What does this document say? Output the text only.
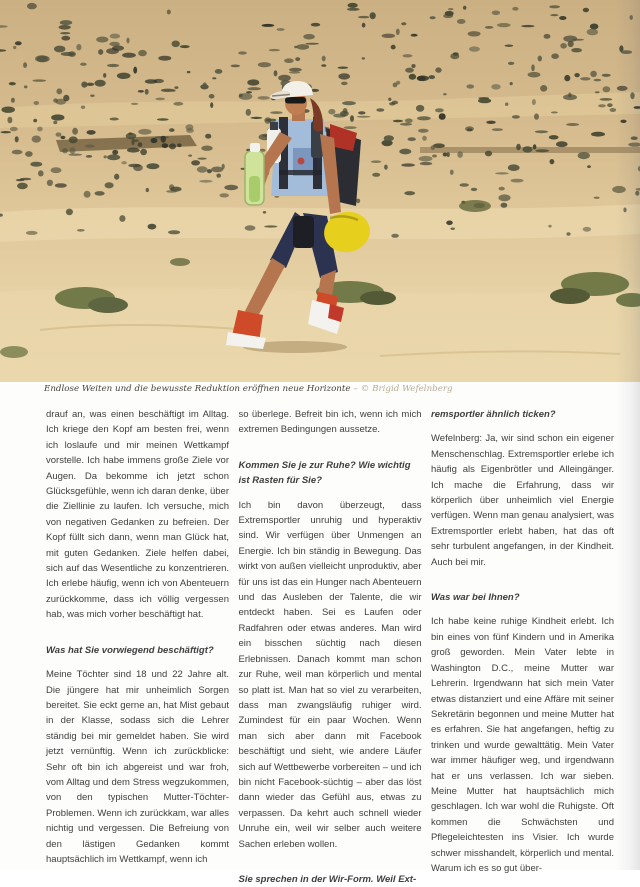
Endlose Weiten und die bewusste Reduktion eröffnen neue Horizonte – © Brigid Wefelnberg

drauf an, was einen beschäftigt im Alltag. Ich kriege den Kopf am besten frei, wenn ich loslaufe und mir meinen Wettkampf vorstelle. Ich habe immens große Ziele vor Augen. Da bekomme ich jetzt schon Glücksgefühle, wenn ich daran denke, über die Ziellinie zu laufen. Ich versuche, mich von negativen Gedanken zu befreien. Der Kopf füllt sich dann, wenn man Glück hat, mit guten Gedanken. Ziele helfen dabei, sich auf das Wesentliche zu konzentrieren. Ich erlebe häufig, wenn ich von Abenteuern zurückkomme, dass ich völlig vergessen hab, was mich vorher beschäftigt hat.

Was hat Sie vorwiegend beschäftigt?

Meine Töchter sind 18 und 22 Jahre alt. Die jüngere hat mir unheimlich Sorgen bereitet. Sie eckt gerne an, hat Mist gebaut in der Klasse, sodass sich die Lehrer ständig bei mir gemeldet haben. Sie wird jetzt vernünftig. Wenn ich zurückblicke: Sehr oft bin ich abgereist und war froh, vom Alltag und dem Stress wegzukommen, von den typischen Mutter-Töchter-Problemen. Wenn ich zurückkam, war alles nichtig und vergessen. Die Befreiung von den lästigen Gedanken kommt hauptsächlich im Wettkampf, wenn ich

so überlege. Befreit bin ich, wenn ich mich extremen Bedingungen aussetze.

Kommen Sie je zur Ruhe? Wie wichtig ist Rasten für Sie?

Ich bin davon überzeugt, dass Extremsportler unruhig und hyperaktiv sind. Wir verfügen über Unmengen an Energie. Ich bin ständig in Bewegung. Das wirkt von außen vielleicht unproduktiv, aber für uns ist das ein Hunger nach Abenteuern und das Ausleben der Talente, die wir entdeckt haben. Sei es Laufen oder Radfahren oder etwas anderes. Man wird ein bisschen süchtig nach diesen Erlebnissen. Danach kommt man schon zur Ruhe, weil man körperlich und mental so platt ist. Man hat so viel zu verarbeiten, dass man zwangsläufig ruhiger wird. Zumindest für ein paar Wochen. Wenn man sich aber dann mit Facebook beschäftigt und sieht, wie andere Läufer sich auf Wettbewerbe vorbereiten – und ich bin nicht Facebook-süchtig – aber das löst dann wieder das Gefühl aus, etwas zu verpassen. Da kehrt auch schnell wieder Unruhe ein, weil wir selber auch weitere Sachen erleben wollen.

Sie sprechen in der Wir-Form. Weil Ext-

remsportler ähnlich ticken?

Wefelnberg: Ja, wir sind schon ein eigener Menschenschlag. Extremsportler erlebe ich häufig als Eigenbrötler und Alleingänger. Ich mache die Erfahrung, dass wir körperlich über unheimlich viel Energie verfügen. Wenn man genau analysiert, was Extremsportler erlebt haben, hat das oft sehr turbulent angefangen, in der Kindheit. Auch bei mir.

Was war bei Ihnen?

Ich habe keine ruhige Kindheit erlebt. Ich bin eines von fünf Kindern und in Amerika groß geworden. Mein Vater lebte in Washington D.C., meine Mutter war Lehrerin. Irgendwann hat sich mein Vater etwas distanziert und eine Affäre mit seiner Sekretärin begonnen und meine Mutter hat es erfahren. Sie hat angefangen, heftig zu trinken und wurde gewalttätig. Mein Vater war immer häufiger weg, und irgendwann hat er uns verlassen. Ich war sieben. Meine Mutter hat hauptsächlich mich geschlagen. Ich war wohl die Ruhigste. Oft kommen die Schwächsten und Pflegeleichtesten ins Visier. Ich wurde schwer misshandelt, körperlich und mental. Warum ich es so gut über-
